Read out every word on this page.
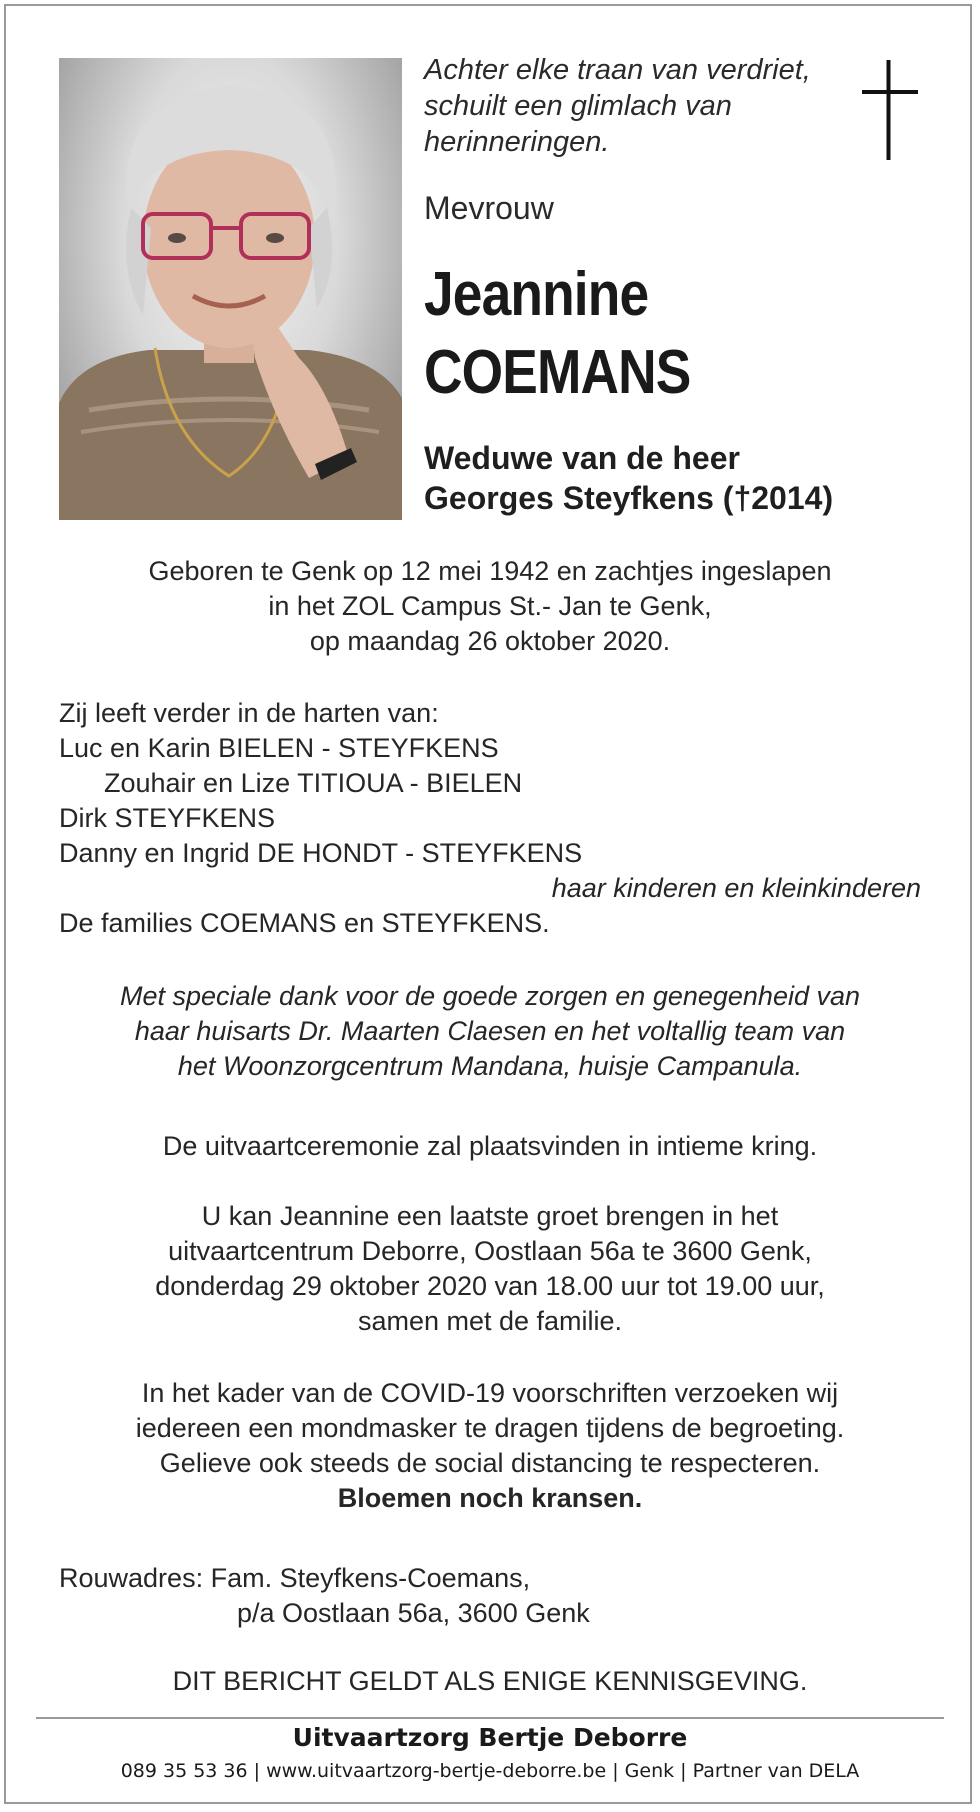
Achter elke traan van verdriet,
schuilt een glimlach van
herinneringen.
Mevrouw
Jeannine
COEMANS
Weduwe van de heer
Georges Steyfkens (†2014)
Geboren te Genk op 12 mei 1942 en zachtjes ingeslapen
in het ZOL Campus St.- Jan te Genk,
op maandag 26 oktober 2020.
Zij leeft verder in de harten van:
Luc en Karin BIELEN - STEYFKENS
Zouhair en Lize TITIOUA - BIELEN
Dirk STEYFKENS
Danny en Ingrid DE HONDT - STEYFKENS
haar kinderen en kleinkinderen
De families COEMANS en STEYFKENS.
Met speciale dank voor de goede zorgen en genegenheid van
haar huisarts Dr. Maarten Claesen en het voltallig team van
het Woonzorgcentrum Mandana, huisje Campanula.
De uitvaartceremonie zal plaatsvinden in intieme kring.
U kan Jeannine een laatste groet brengen in het
uitvaartcentrum Deborre, Oostlaan 56a te 3600 Genk,
donderdag 29 oktober 2020 van 18.00 uur tot 19.00 uur,
samen met de familie.
In het kader van de COVID-19 voorschriften verzoeken wij
iedereen een mondmasker te dragen tijdens de begroeting.
Gelieve ook steeds de social distancing te respecteren.
Bloemen noch kransen.
Rouwadres: Fam. Steyfkens-Coemans,
p/a Oostlaan 56a, 3600 Genk
DIT BERICHT GELDT ALS ENIGE KENNISGEVING.
Uitvaartzorg Bertje Deborre
089 35 53 36 | www.uitvaartzorg-bertje-deborre.be | Genk | Partner van DELA
